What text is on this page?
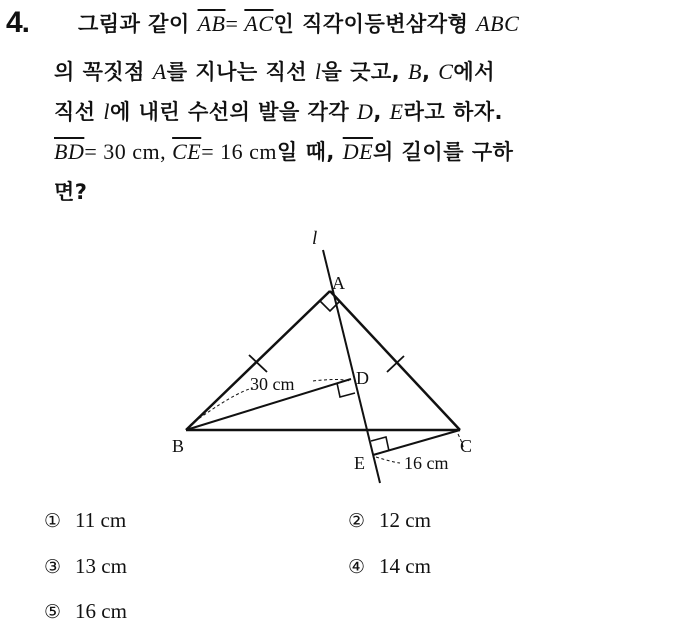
4. 그림과 같이 $\overline{AB}= \overline{AC}$인 직각이등변삼각형 ABC
의 꼭짓점 A를 지나는 직선 l을 긋고, B, C에서
직선 l에 내린 수선의 발을 각각 D, E라고 하자.
$\overline{BD}= 30$ cm, $\overline{CE}= 16$ cm일 때, $\overline{DE}$의 길이를 구하
면?
l
A
B	C
D
E
30 cm
16 cm
① 11 cm	② 12 cm
③ 13 cm	④ 14 cm
⑤ 16 cm
